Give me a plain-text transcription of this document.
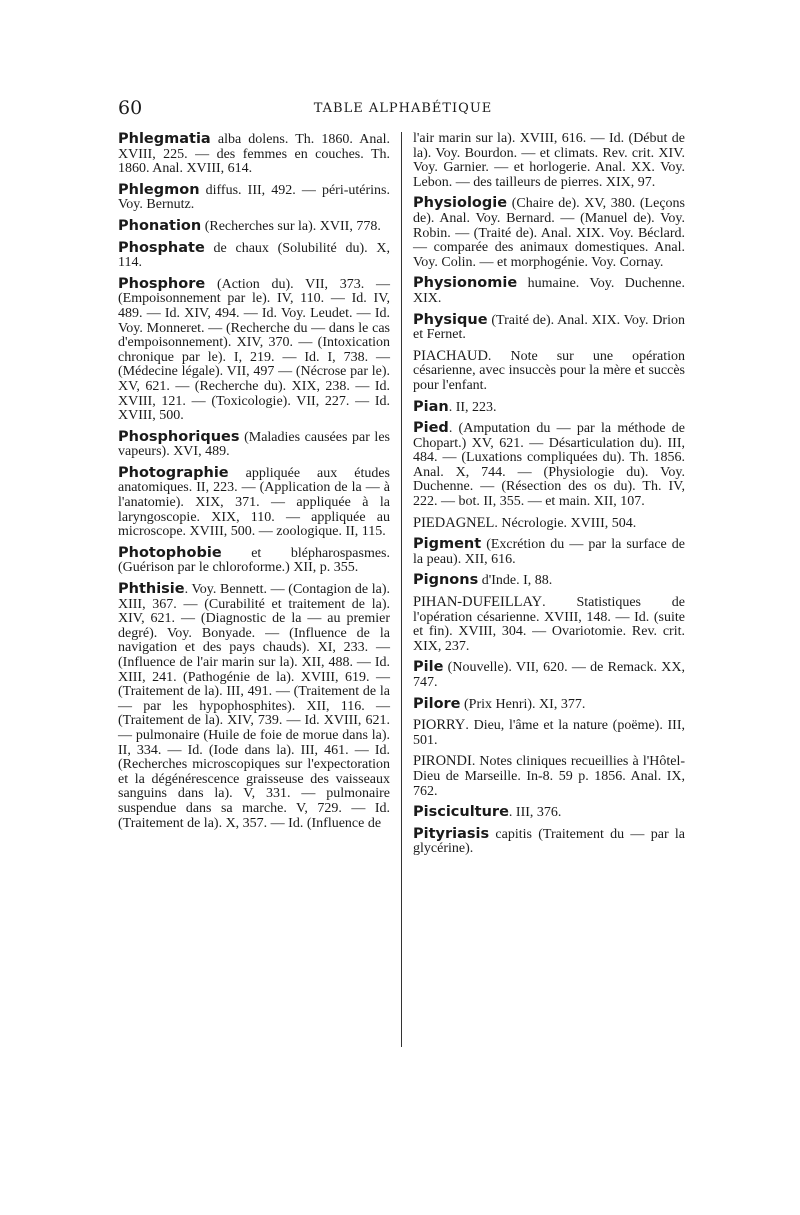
60	TABLE ALPHABÉTIQUE

Phlegmatia alba dolens. Th. 1860. Anal. XVIII, 225. — des femmes en couches. Th. 1860. Anal. XVIII, 614.

Phlegmon diffus. III, 492. — péri-utérins. Voy. Bernutz.

Phonation (Recherches sur la). XVII, 778.

Phosphate de chaux (Solubilité du). X, 114.

Phosphore (Action du). VII, 373. — (Empoisonnement par le). IV, 110. — Id. IV, 489. — Id. XIV, 494. — Id. Voy. Leudet. — Id. Voy. Monneret. — (Recherche du — dans le cas d'empoisonnement). XIV, 370. — (Intoxication chronique par le). I, 219. — Id. I, 738. — (Médecine légale). VII, 497 — (Nécrose par le). XV, 621. — (Recherche du). XIX, 238. — Id. XVIII, 121. — (Toxicologie). VII, 227. — Id. XVIII, 500.

Phosphoriques (Maladies causées par les vapeurs). XVI, 489.

Photographie appliquée aux études anatomiques. II, 223. — (Application de la — à l'anatomie). XIX, 371. — appliquée à la laryngoscopie. XIX, 110. — appliquée au microscope. XVIII, 500. — zoologique. II, 115.

Photophobie et blépharospasmes. (Guérison par le chloroforme.) XII, p. 355.

Phthisie. Voy. Bennett. — (Contagion de la). XIII, 367. — (Curabilité et traitement de la). XIV, 621. — (Diagnostic de la — au premier degré). Voy. Bonyade. — (Influence de la navigation et des pays chauds). XI, 233. — (Influence de l'air marin sur la). XII, 488. — Id. XIII, 241. (Pathogénie de la). XVIII, 619. — (Traitement de la). III, 491. — (Traitement de la — par les hypophosphites). XII, 116. — (Traitement de la). XIV, 739. — Id. XVIII, 621. — pulmonaire (Huile de foie de morue dans la). II, 334. — Id. (Iode dans la). III, 461. — Id. (Recherches microscopiques sur l'expectoration et la dégénérescence graisseuse des vaisseaux sanguins dans la). V, 331. — pulmonaire suspendue dans sa marche. V, 729. — Id. (Traitement de la). X, 357. — Id. (Influence de

l'air marin sur la). XVIII, 616. — Id. (Début de la). Voy. Bourdon. — et climats. Rev. crit. XIV. Voy. Garnier. — et horlogerie. Anal. XX. Voy. Lebon. — des tailleurs de pierres. XIX, 97.

Physiologie (Chaire de). XV, 380. (Leçons de). Anal. Voy. Bernard. — (Manuel de). Voy. Robin. — (Traité de). Anal. XIX. Voy. Béclard. — comparée des animaux domestiques. Anal. Voy. Colin. — et morphogénie. Voy. Cornay.

Physionomie humaine. Voy. Duchenne. XIX.

Physique (Traité de). Anal. XIX. Voy. Drion et Fernet.

PIACHAUD. Note sur une opération césarienne, avec insuccès pour la mère et succès pour l'enfant.

Pian. II, 223.

Pied. (Amputation du — par la méthode de Chopart.) XV, 621. — Désarticulation du). III, 484. — (Luxations compliquées du). Th. 1856. Anal. X, 744. — (Physiologie du). Voy. Duchenne. — (Résection des os du). Th. IV, 222. — bot. II, 355. — et main. XII, 107.

PIEDAGNEL. Nécrologie. XVIII, 504.

Pigment (Excrétion du — par la surface de la peau). XII, 616.

Pignons d'Inde. I, 88.

PIHAN-DUFEILLAY. Statistiques de l'opération césarienne. XVIII, 148. — Id. (suite et fin). XVIII, 304. — Ovariotomie. Rev. crit. XIX, 237.

Pile (Nouvelle). VII, 620. — de Remack. XX, 747.

Pilore (Prix Henri). XI, 377.

PIORRY. Dieu, l'âme et la nature (poëme). III, 501.

PIRONDI. Notes cliniques recueillies à l'Hôtel-Dieu de Marseille. In-8. 59 p. 1856. Anal. IX, 762.

Pisciculture. III, 376.

Pityriasis capitis (Traitement du — par la glycérine).
